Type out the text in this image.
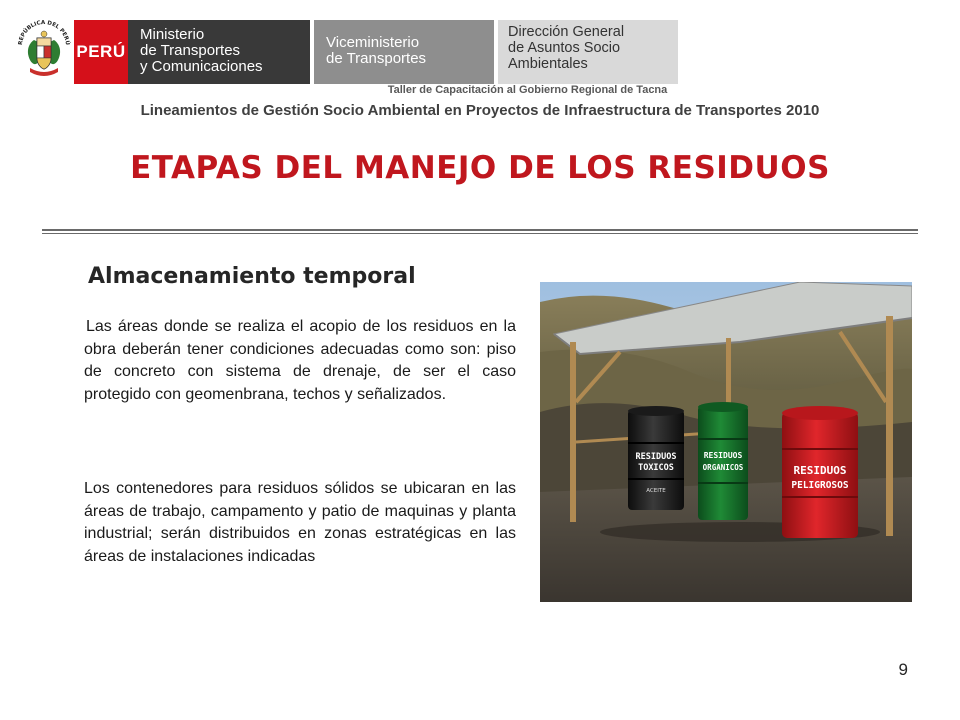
REPÚBLICA DEL PERÚ PERÚ
Ministerio
de Transportes
y Comunicaciones
Viceministerio
de Transportes
Dirección General
de Asuntos Socio
Ambientales
Taller de Capacitación al Gobierno Regional de Tacna
Lineamientos de Gestión Socio Ambiental en Proyectos de Infraestructura de Transportes 2010
ETAPAS DEL MANEJO DE LOS RESIDUOS
Almacenamiento temporal
Las áreas donde se realiza el acopio de los residuos en la obra deberán tener condiciones adecuadas como son: piso de concreto con sistema de drenaje, de ser el caso protegido con geomenbrana, techos y señalizados.
Los contenedores para residuos sólidos se ubicaran en las áreas de trabajo, campamento y patio de maquinas y planta industrial; serán distribuidos en zonas estratégicas en las áreas de instalaciones indicadas
RESIDUOS
TOXICOS
ACEITE
RESIDUOS
ORGANICOS	RESIDUOS
PELIGROSOS
9
